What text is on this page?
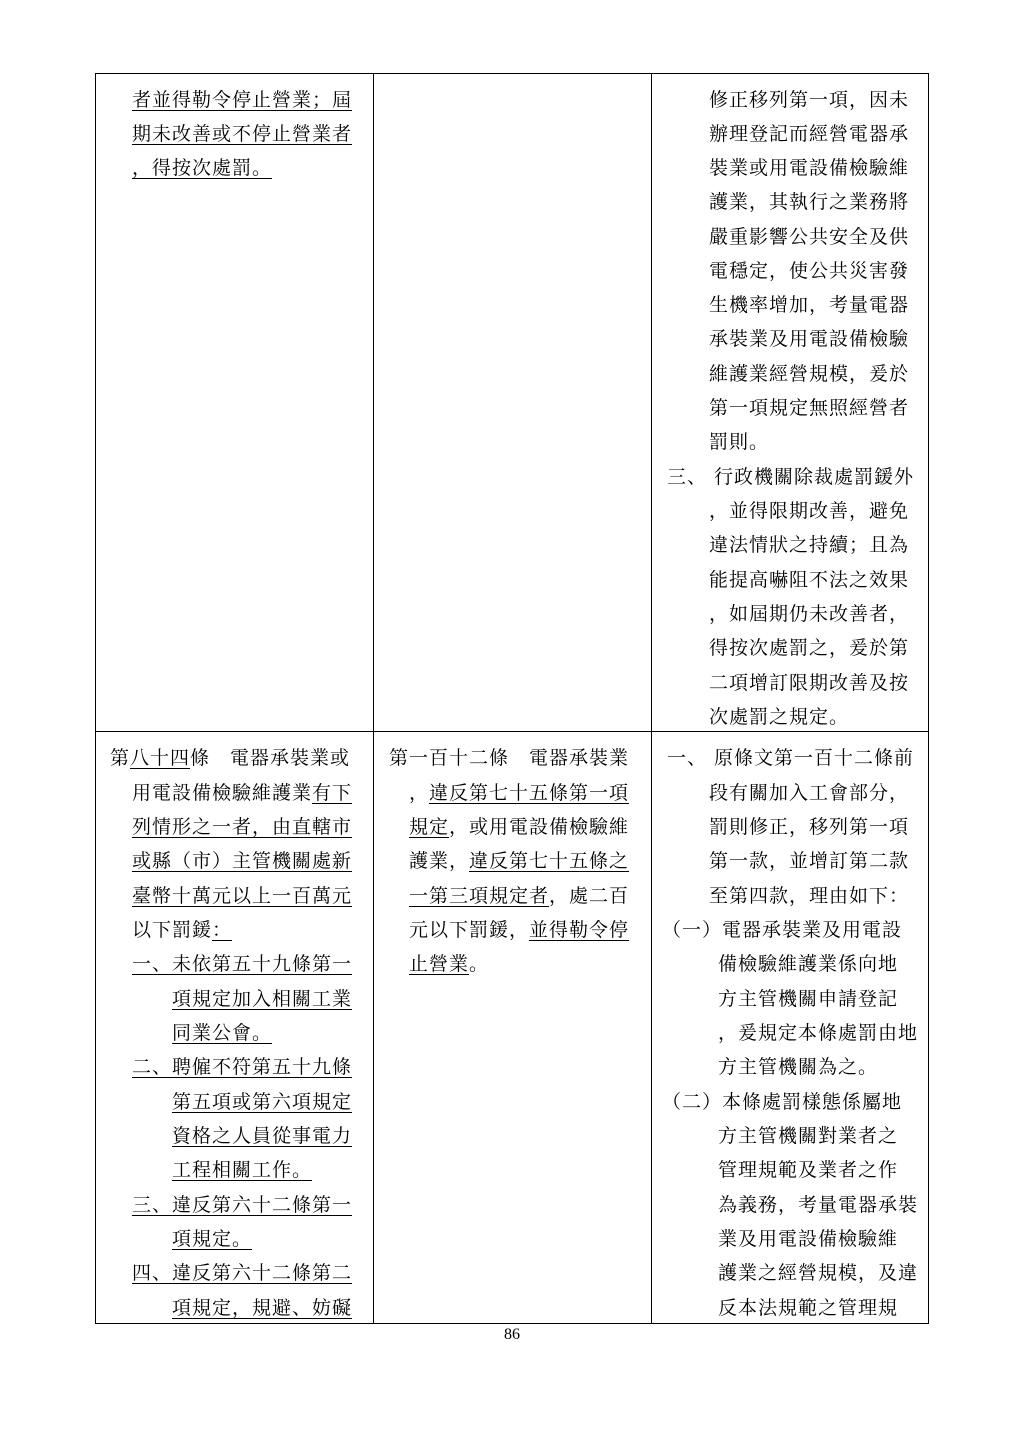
者並得勒令停止營業；屆
期未改善或不停止營業者
，得按次處罰。
修正移列第一項，因未
辦理登記而經營電器承
裝業或用電設備檢驗維
護業，其執行之業務將
嚴重影響公共安全及供
電穩定，使公共災害發
生機率增加，考量電器
承裝業及用電設備檢驗
維護業經營規模，爰於
第一項規定無照經營者
罰則。
三、 行政機關除裁處罰鍰外
，並得限期改善，避免
違法情狀之持續；且為
能提高嚇阻不法之效果
，如屆期仍未改善者，
得按次處罰之，爰於第
二項增訂限期改善及按
次處罰之規定。
第八十四條　電器承裝業或
用電設備檢驗維護業有下
列情形之一者，由直轄市
或縣（市）主管機關處新
臺幣十萬元以上一百萬元
以下罰鍰：
一、未依第五十九條第一
項規定加入相關工業
同業公會。
二、聘僱不符第五十九條
第五項或第六項規定
資格之人員從事電力
工程相關工作。
三、違反第六十二條第一
項規定。
四、違反第六十二條第二
項規定，規避、妨礙
第一百十二條　電器承裝業
，違反第七十五條第一項
規定，或用電設備檢驗維
護業，違反第七十五條之
一第三項規定者，處二百
元以下罰鍰，並得勒令停
止營業。
一、 原條文第一百十二條前
段有關加入工會部分，
罰則修正，移列第一項
第一款，並增訂第二款
至第四款，理由如下：
（一）電器承裝業及用電設
備檢驗維護業係向地
方主管機關申請登記
，爰規定本條處罰由地
方主管機關為之。
（二）本條處罰樣態係屬地
方主管機關對業者之
管理規範及業者之作
為義務，考量電器承裝
業及用電設備檢驗維
護業之經營規模，及違
反本法規範之管理規
86
